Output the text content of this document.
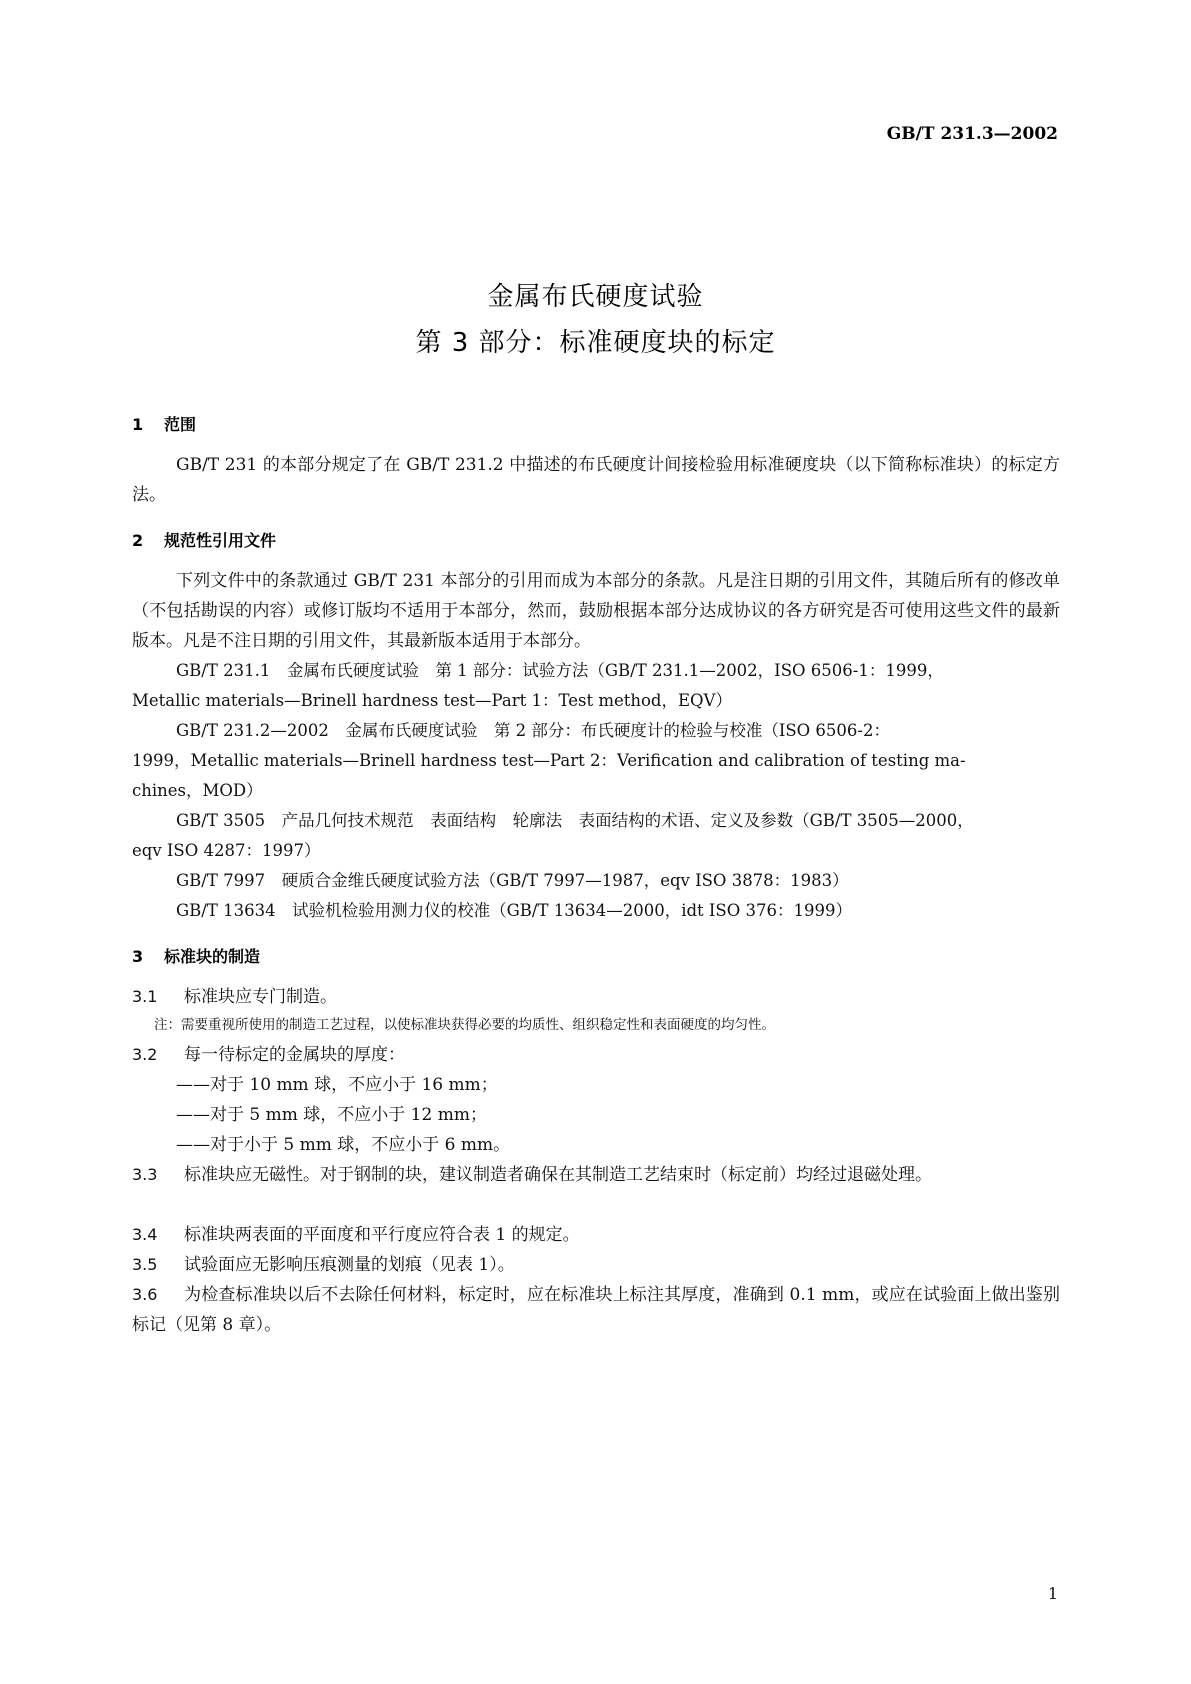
GB/T 231.3—2002
金属布氏硬度试验
第 3 部分：标准硬度块的标定
1 范围
GB/T 231 的本部分规定了在 GB/T 231.2 中描述的布氏硬度计间接检验用标准硬度块（以下简称标准块）的标定方法。
2 规范性引用文件
下列文件中的条款通过 GB/T 231 本部分的引用而成为本部分的条款。凡是注日期的引用文件，其随后所有的修改单（不包括勘误的内容）或修订版均不适用于本部分，然而，鼓励根据本部分达成协议的各方研究是否可使用这些文件的最新版本。凡是不注日期的引用文件，其最新版本适用于本部分。
GB/T 231.1　金属布氏硬度试验　第 1 部分：试验方法（GB/T 231.1—2002，ISO 6506-1：1999，
Metallic materials—Brinell hardness test—Part 1：Test method，EQV）
GB/T 231.2—2002　金属布氏硬度试验　第 2 部分：布氏硬度计的检验与校准（ISO 6506-2：
1999，Metallic materials—Brinell hardness test—Part 2：Verification and calibration of testing ma-
chines，MOD）
GB/T 3505　产品几何技术规范　表面结构　轮廓法　表面结构的术语、定义及参数（GB/T 3505—2000，
eqv ISO 4287：1997）
GB/T 7997　硬质合金维氏硬度试验方法（GB/T 7997—1987，eqv ISO 3878：1983）
GB/T 13634　试验机检验用测力仪的校准（GB/T 13634—2000，idt ISO 376：1999）
3 标准块的制造
3.1 标准块应专门制造。
注：需要重视所使用的制造工艺过程，以使标准块获得必要的均质性、组织稳定性和表面硬度的均匀性。
3.2 每一待标定的金属块的厚度：
——对于 10 mm 球，不应小于 16 mm；
——对于 5 mm 球，不应小于 12 mm；
——对于小于 5 mm 球，不应小于 6 mm。
3.3 标准块应无磁性。对于钢制的块，建议制造者确保在其制造工艺结束时（标定前）均经过退磁处理。
3.4 标准块两表面的平面度和平行度应符合表 1 的规定。
3.5 试验面应无影响压痕测量的划痕（见表 1）。
3.6 为检查标准块以后不去除任何材料，标定时，应在标准块上标注其厚度，准确到 0.1 mm，或应在试验面上做出鉴别标记（见第 8 章）。
1
